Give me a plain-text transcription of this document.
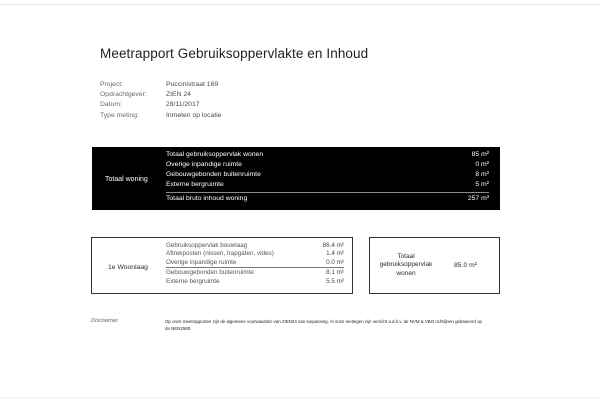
Meetrapport Gebruiksoppervlakte en Inhoud
Project:	Puccinistraat 169
Opdrachtgever:	ZIEN 24
Datum:	28/11/2017
Type meting:	Inmeten op locatie
Totaal woning
Totaal gebruiksoppervlak wonen	85 m²
Overige inpandige ruimte	0 m²
Gebouwgebonden buitenruimte	8 m²
Externe bergruimte	5 m²
Totaal bruto inhoud woning	257 m³
1e Woonlaag
Gebruiksoppervlak bouwlaag	86.4 m²
Aftrekposten (nissen, trapgaten, vides)	1.4 m²
Overige inpandige ruimte	0.0 m²
Gebouwgebonden buitenruimte	8.1 m²
Externe bergruimte	5.5 m²
Totaal
gebruiksoppervlak
wonen
85.0 m²
Disclaimer	Op onze meetrapporten zijn de algemene voorwaarden van ZIEN24 van toepassing. Al onze metingen zijn verricht a.d.h.v. de NVM & VBO richtlijnen gebaseerd op de NEN2580.
